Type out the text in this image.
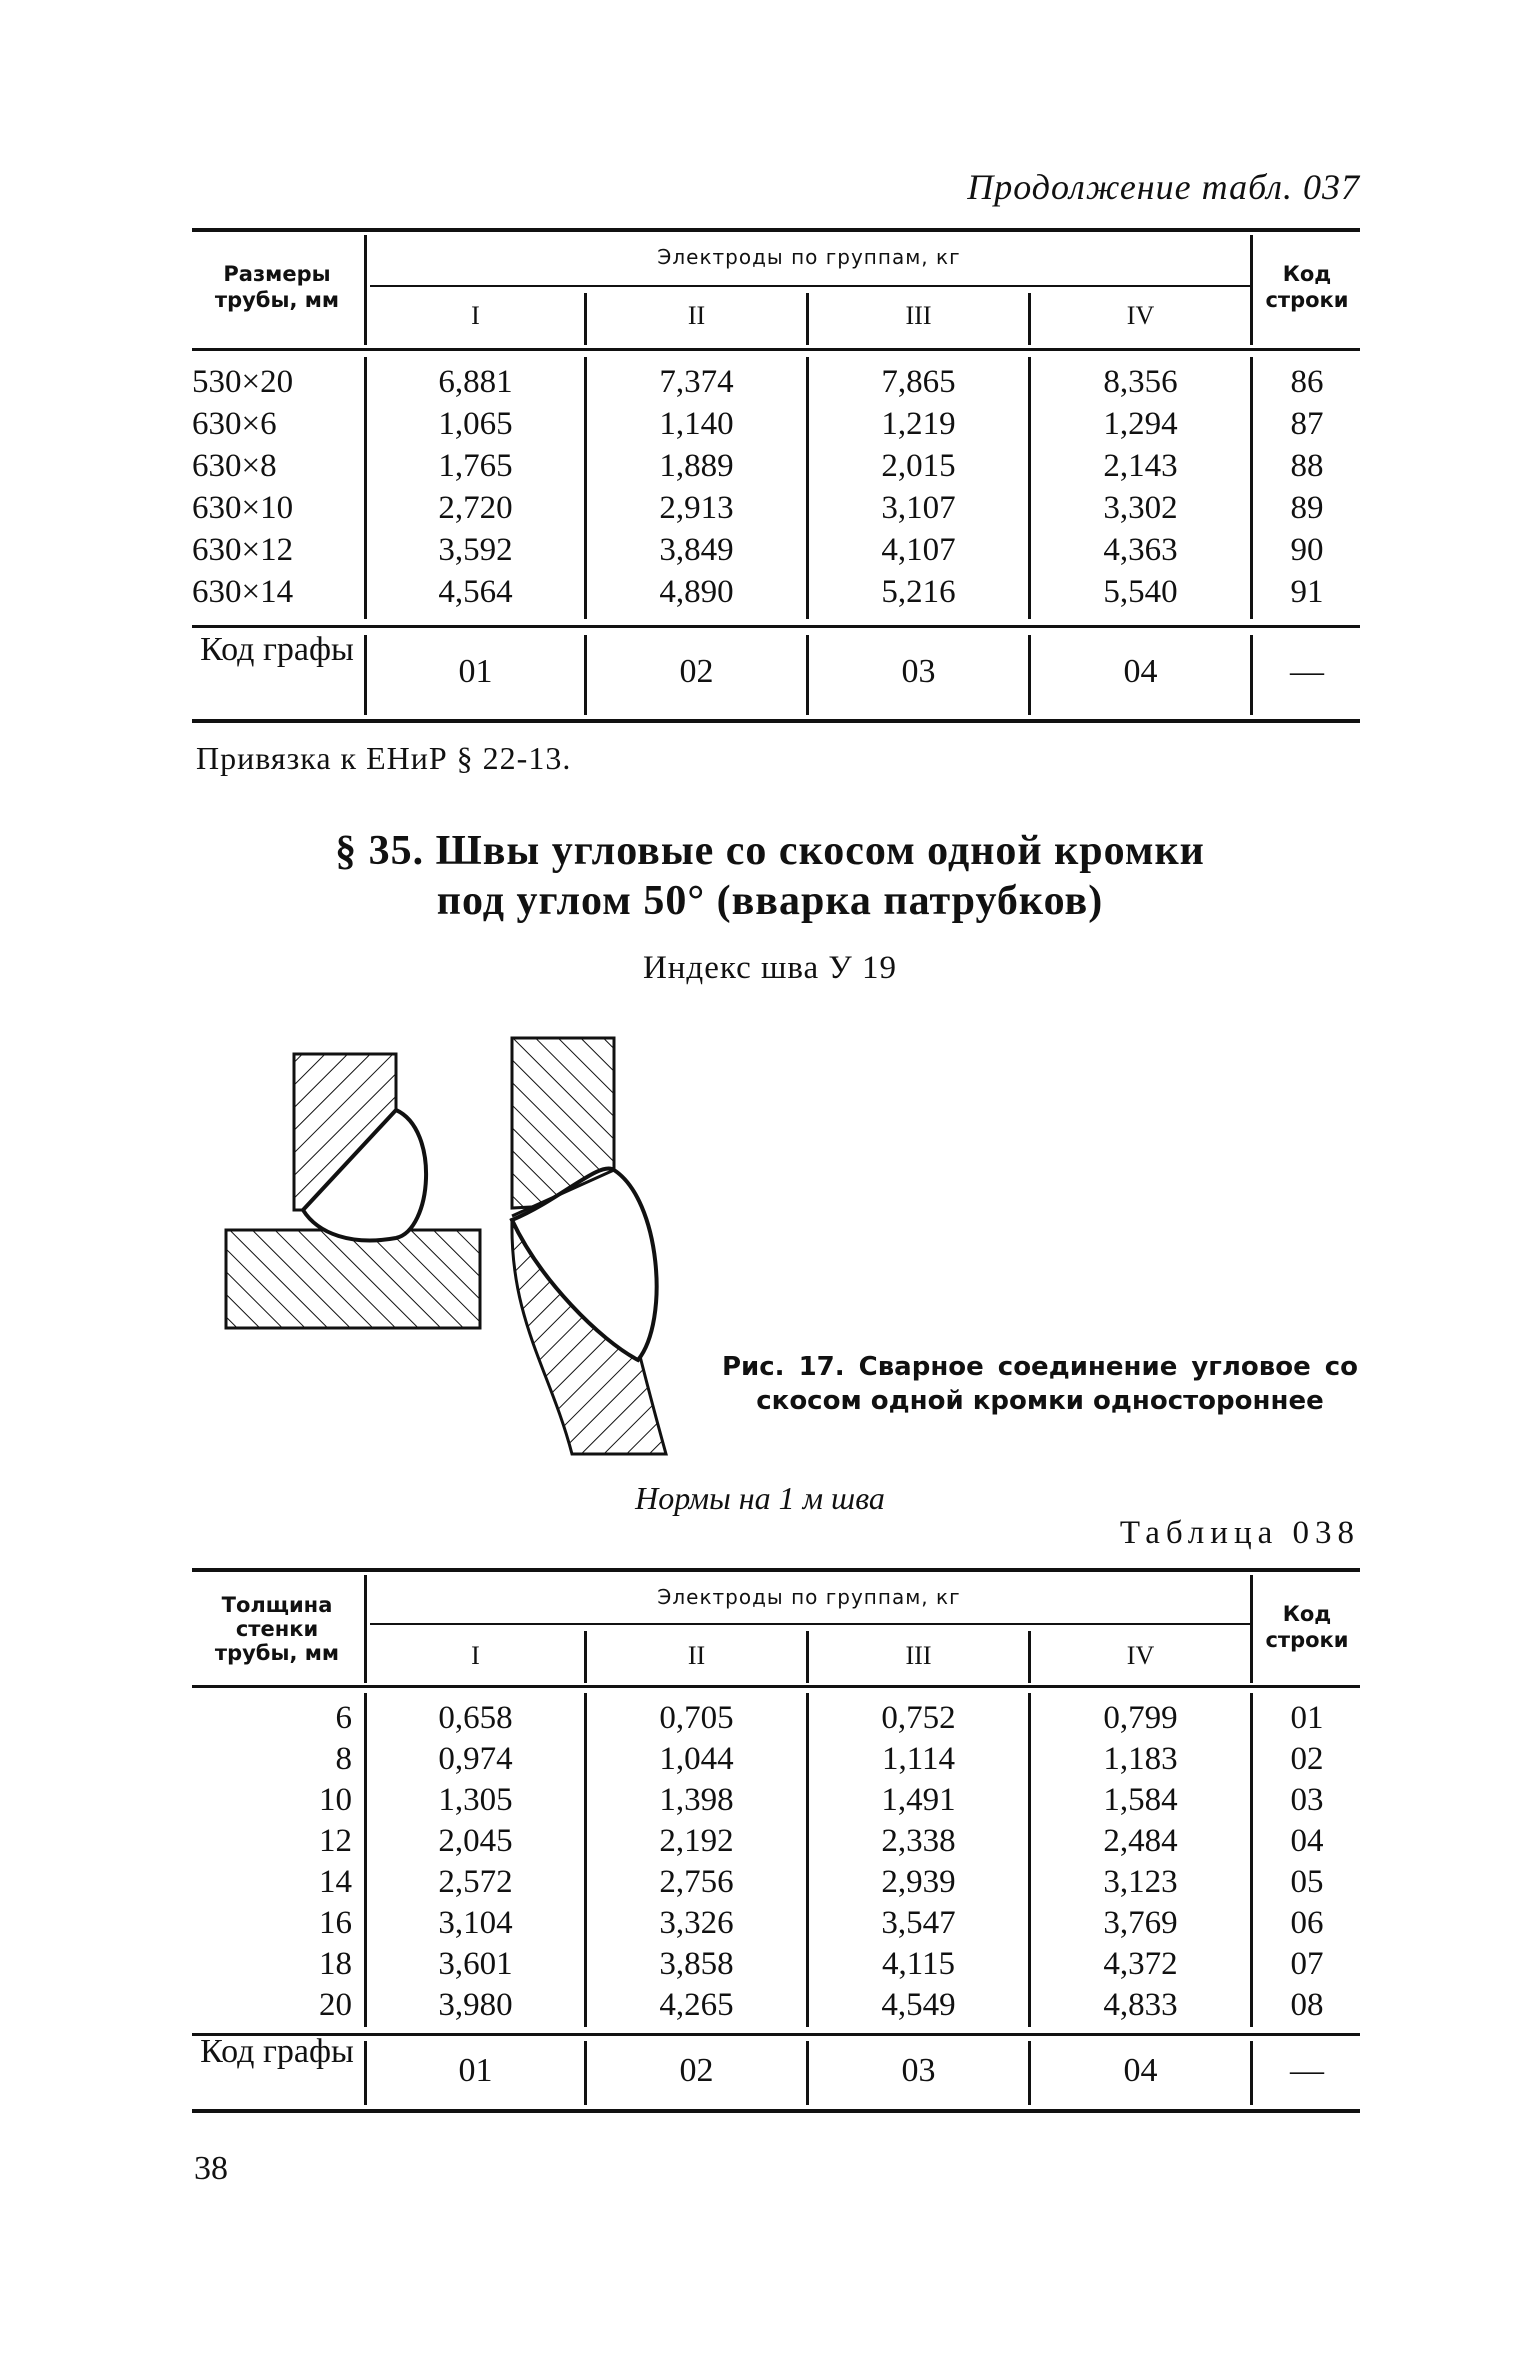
Продолжение табл. 037
Размеры трубы, мм
Электроды по группам, кг
Код строки
I	II	III	IV
530×20	6,881	7,374	7,865	8,356	86
630×6	1,065	1,140	1,219	1,294	87
630×8	1,765	1,889	2,015	2,143	88
630×10	2,720	2,913	3,107	3,302	89
630×12	3,592	3,849	4,107	4,363	90
630×14	4,564	4,890	5,216	5,540	91
Код графы
01	02	03	04	—
Привязка к ЕНиР § 22-13.
§ 35. Швы угловые со скосом одной кромки
под углом 50° (вварка патрубков)
Индекс шва У 19
Рис. 17. Сварное соединение угловое со скосом одной кромки одностороннее
Нормы на 1 м шва
Таблица 038
Толщина стенки трубы, мм
Электроды по группам, кг
Код строки
I	II	III	IV
6	0,658	0,705	0,752	0,799	01
8	0,974	1,044	1,114	1,183	02
10	1,305	1,398	1,491	1,584	03
12	2,045	2,192	2,338	2,484	04
14	2,572	2,756	2,939	3,123	05
16	3,104	3,326	3,547	3,769	06
18	3,601	3,858	4,115	4,372	07
20	3,980	4,265	4,549	4,833	08
Код графы
01	02	03	04	—
38
